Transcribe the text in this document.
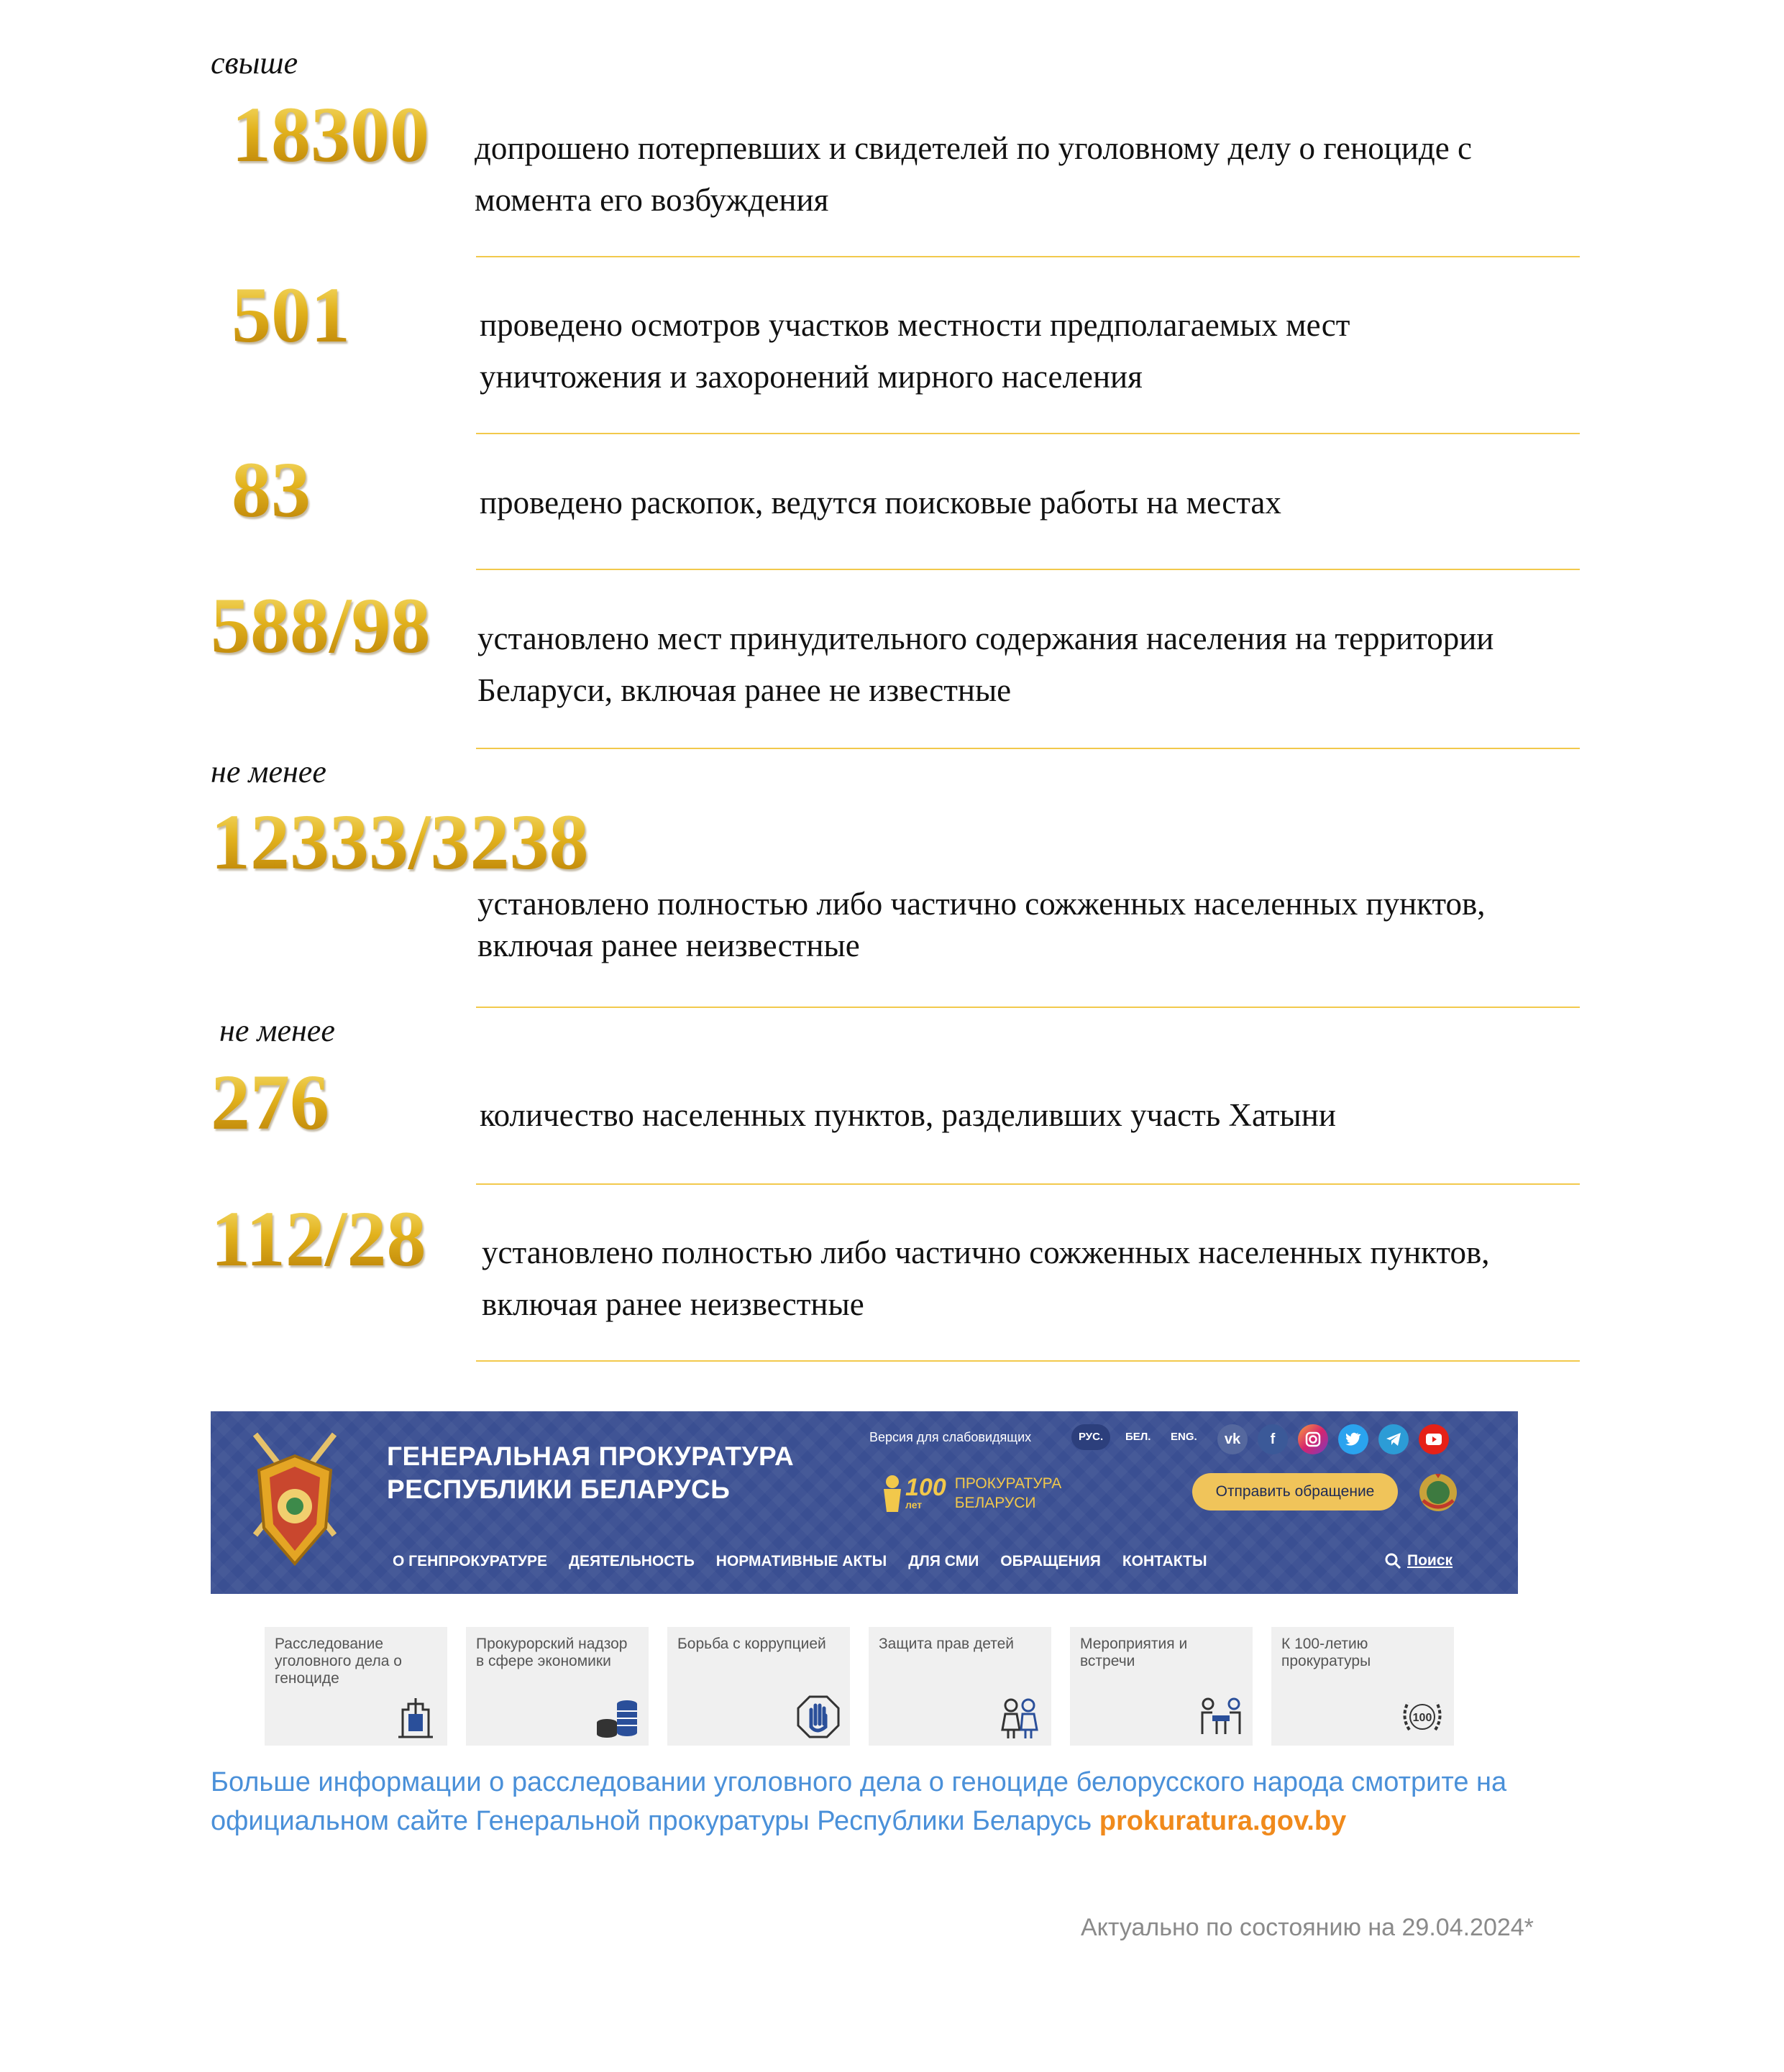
свыше
18300 допрошено потерпевших и свидетелей по уголовному делу о геноциде с момента его возбуждения
501	проведено осмотров участков местности предполагаемых мест уничтожения и захоронений мирного населения
83	проведено раскопок, ведутся поисковые работы на местах
588/98 установлено мест принудительного содержания населения на территории Беларуси, включая ранее не известные
не менее
12333/3238
установлено полностью либо частично сожженных населенных пунктов, включая ранее неизвестные
не менее
276	количество населенных пунктов, разделивших участь Хатыни
112/28 установлено полностью либо частично сожженных населенных пунктов, включая ранее неизвестные
ГЕНЕРАЛЬНАЯ ПРОКУРАТУРА
РЕСПУБЛИКИ БЕЛАРУСЬ
Версия для слабовидящих	РУС.	БЕЛ.	ENG.	vk	f
100
лет
ПРОКУРАТУРА
БЕЛАРУСИ
Отправить обращение
О ГЕНПРОКУРАТУРЕ ДЕЯТЕЛЬНОСТЬ НОРМАТИВНЫЕ АКТЫ ДЛЯ СМИ ОБРАЩЕНИЯ КОНТАКТЫ	Поиск
Расследование уголовного дела о геноциде
Прокурорский надзор в сфере экономики
Борьба с коррупцией	Защита прав детей	Мероприятия и встречи
К 100-летию прокуратуры
100
Больше информации о расследовании уголовного дела о геноциде белорусского народа смотрите на официальном сайте Генеральной прокуратуры Республики Беларусь prokuratura.gov.by
Актуально по состоянию на 29.04.2024*
